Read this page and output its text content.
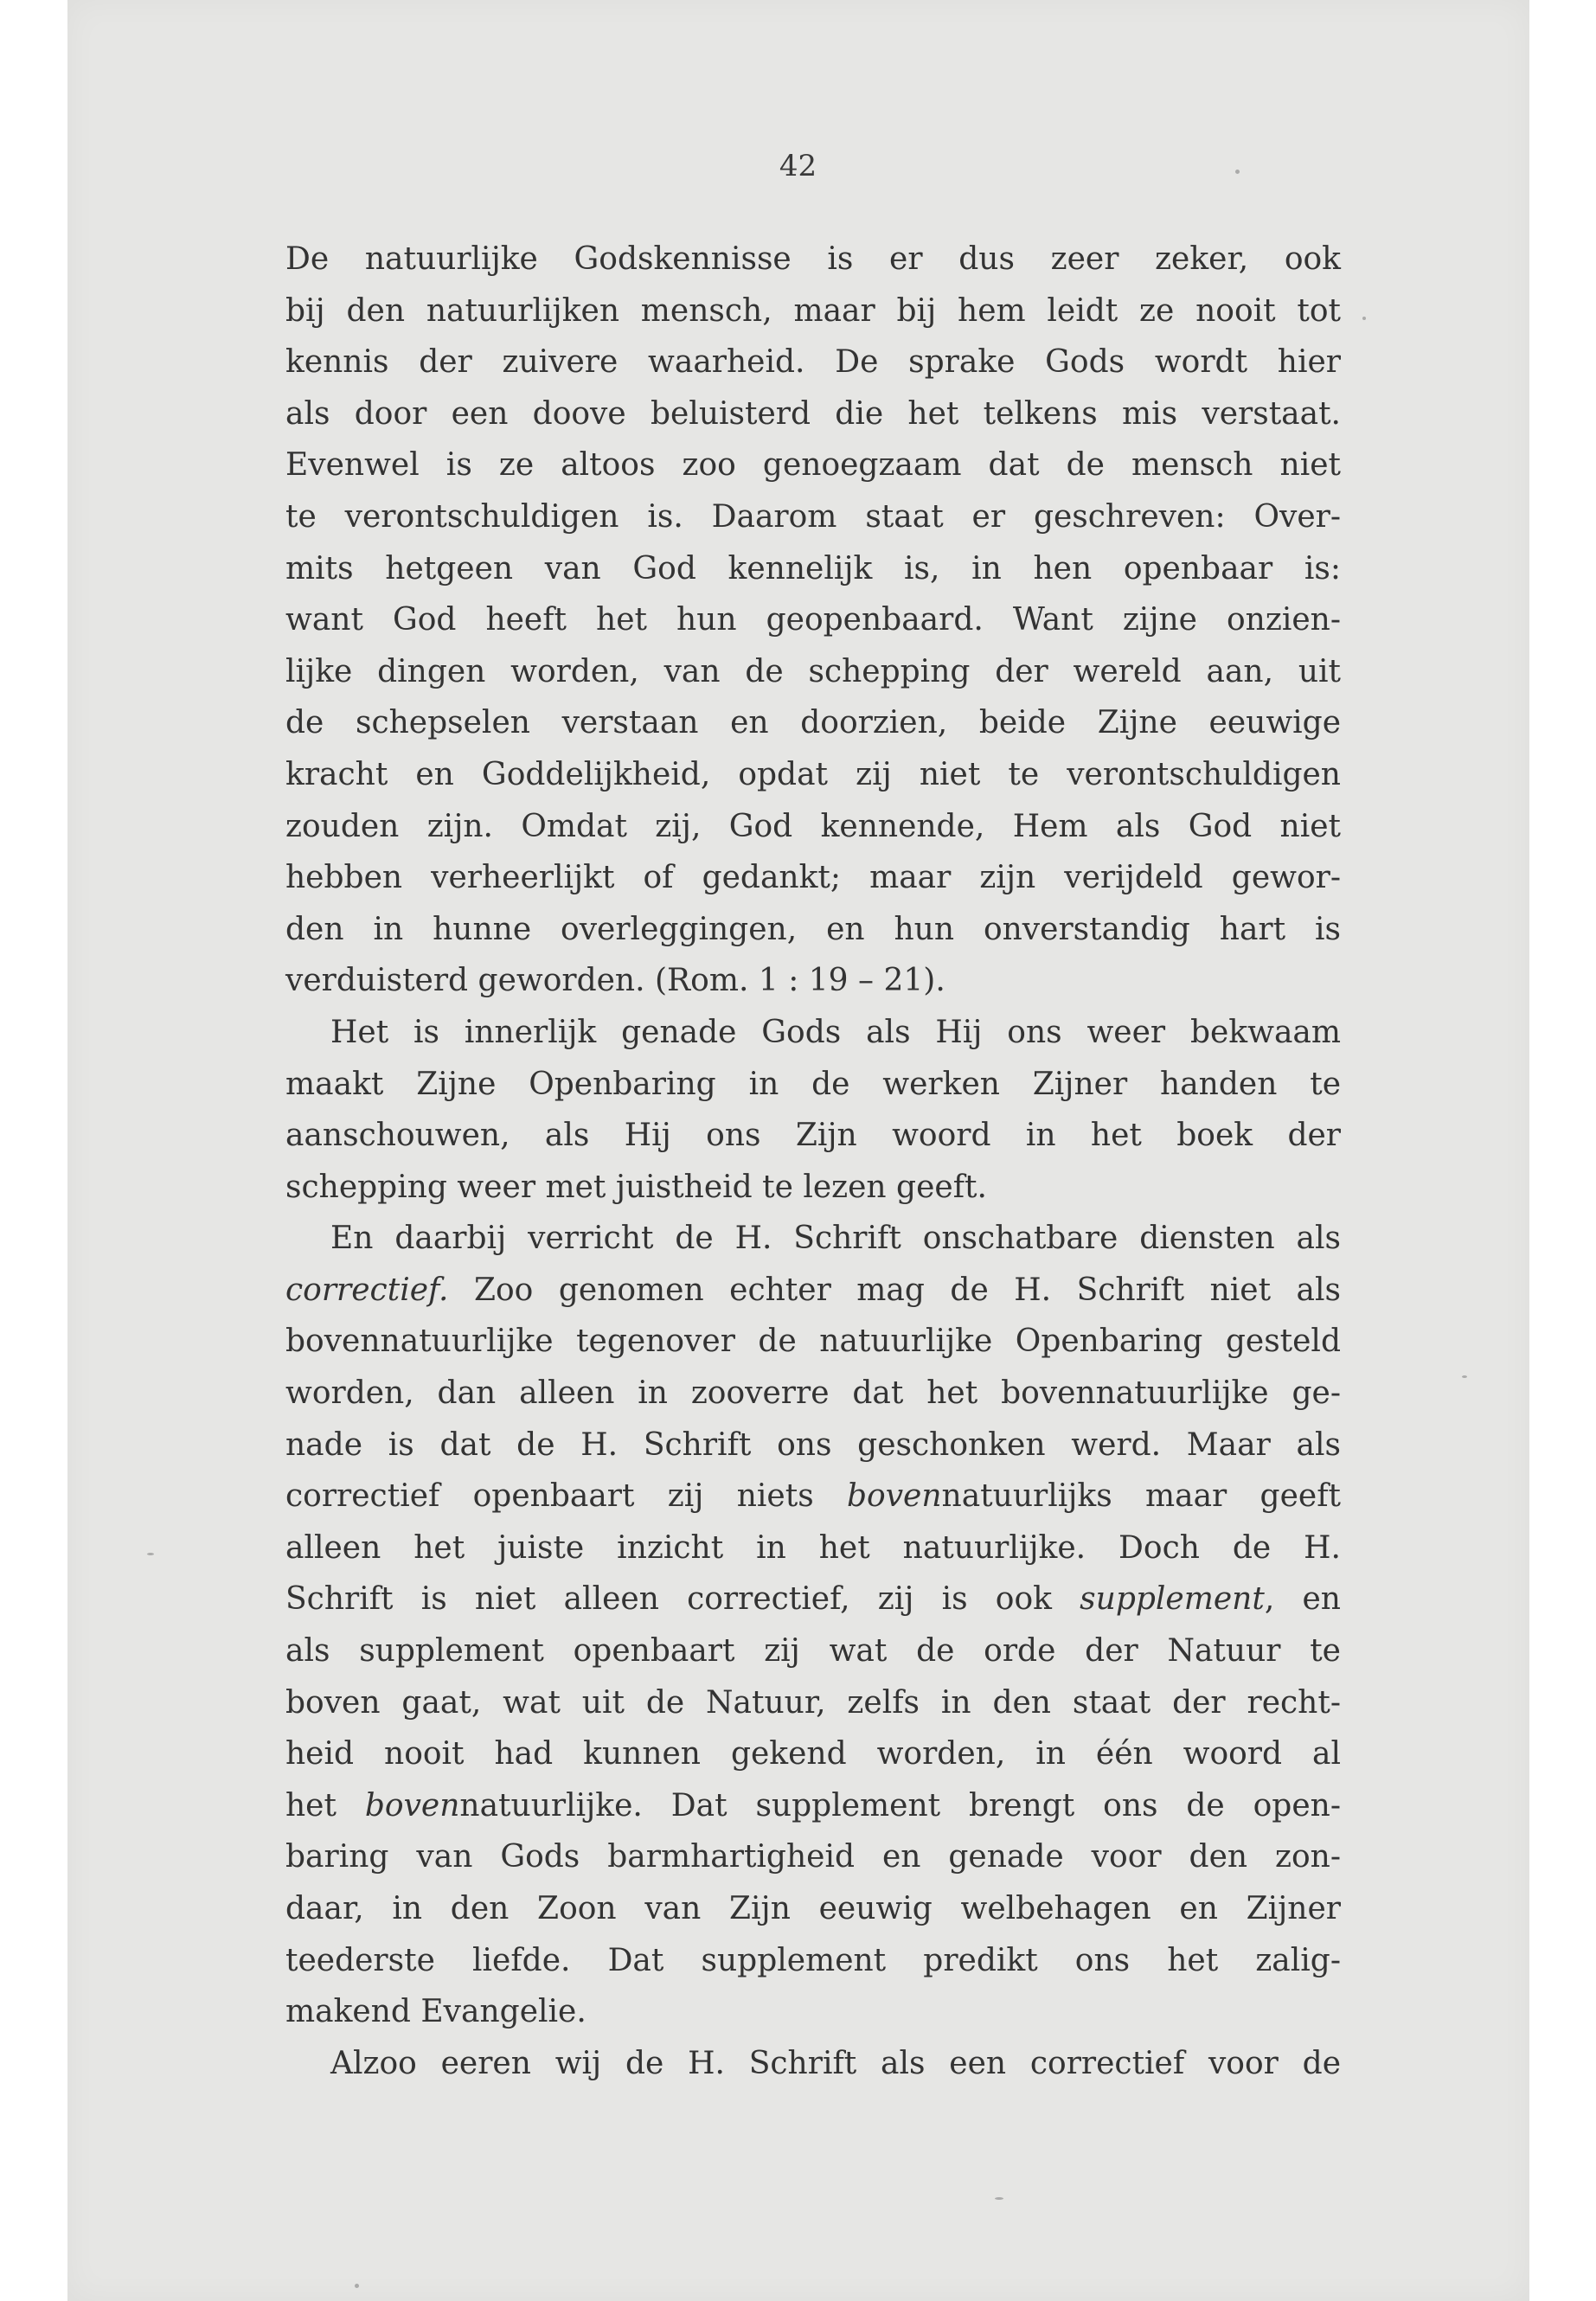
42
De natuurlijke Godskennisse is er dus zeer zeker, ook
bij den natuurlijken mensch, maar bij hem leidt ze nooit tot
kennis der zuivere waarheid. De sprake Gods wordt hier
als door een doove beluisterd die het telkens mis verstaat.
Evenwel is ze altoos zoo genoegzaam dat de mensch niet
te verontschuldigen is. Daarom staat er geschreven: Over-
mits hetgeen van God kennelijk is, in hen openbaar is:
want God heeft het hun geopenbaard. Want zijne onzien-
lijke dingen worden, van de schepping der wereld aan, uit
de schepselen verstaan en doorzien, beide Zijne eeuwige
kracht en Goddelijkheid, opdat zij niet te verontschuldigen
zouden zijn. Omdat zij, God kennende, Hem als God niet
hebben verheerlijkt of gedankt; maar zijn verijdeld gewor-
den in hunne overleggingen, en hun onverstandig hart is
verduisterd geworden. (Rom. 1 : 19 – 21).
Het is innerlijk genade Gods als Hij ons weer bekwaam
maakt Zijne Openbaring in de werken Zijner handen te
aanschouwen, als Hij ons Zijn woord in het boek der
schepping weer met juistheid te lezen geeft.
En daarbij verricht de H. Schrift onschatbare diensten als
correctief. Zoo genomen echter mag de H. Schrift niet als
bovennatuurlijke tegenover de natuurlijke Openbaring gesteld
worden, dan alleen in zooverre dat het bovennatuurlijke ge-
nade is dat de H. Schrift ons geschonken werd. Maar als
correctief openbaart zij niets bovennatuurlijks maar geeft
alleen het juiste inzicht in het natuurlijke. Doch de H.
Schrift is niet alleen correctief, zij is ook supplement, en
als supplement openbaart zij wat de orde der Natuur te
boven gaat, wat uit de Natuur, zelfs in den staat der recht-
heid nooit had kunnen gekend worden, in één woord al
het bovennatuurlijke. Dat supplement brengt ons de open-
baring van Gods barmhartigheid en genade voor den zon-
daar, in den Zoon van Zijn eeuwig welbehagen en Zijner
teederste liefde. Dat supplement predikt ons het zalig-
makend Evangelie.
Alzoo eeren wij de H. Schrift als een correctief voor de
